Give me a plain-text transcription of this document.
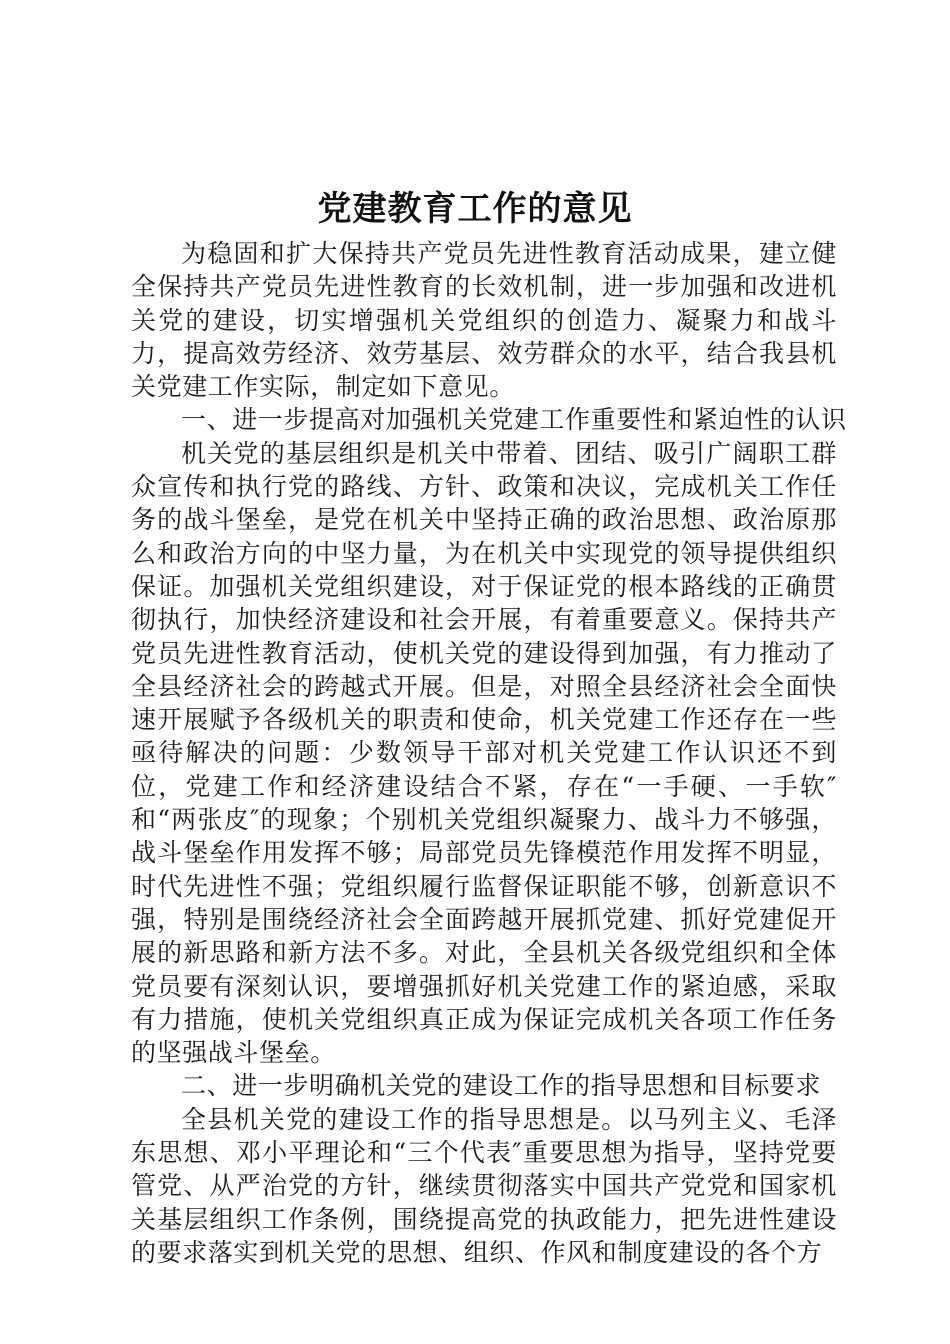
党建教育工作的意见

为稳固和扩大保持共产党员先进性教育活动成果，建立健全保持共产党员先进性教育的长效机制，进一步加强和改进机关党的建设，切实增强机关党组织的创造力、凝聚力和战斗力，提高效劳经济、效劳基层、效劳群众的水平，结合我县机关党建工作实际，制定如下意见。

一、进一步提高对加强机关党建工作重要性和紧迫性的认识

机关党的基层组织是机关中带着、团结、吸引广阔职工群众宣传和执行党的路线、方针、政策和决议，完成机关工作任务的战斗堡垒，是党在机关中坚持正确的政治思想、政治原那么和政治方向的中坚力量，为在机关中实现党的领导提供组织保证。加强机关党组织建设，对于保证党的根本路线的正确贯彻执行，加快经济建设和社会开展，有着重要意义。保持共产党员先进性教育活动，使机关党的建设得到加强，有力推动了全县经济社会的跨越式开展。但是，对照全县经济社会全面快速开展赋予各级机关的职责和使命，机关党建工作还存在一些亟待解决的问题：少数领导干部对机关党建工作认识还不到位，党建工作和经济建设结合不紧，存在“一手硬、一手软″和“两张皮″的现象；个别机关党组织凝聚力、战斗力不够强，战斗堡垒作用发挥不够；局部党员先锋模范作用发挥不明显，时代先进性不强；党组织履行监督保证职能不够，创新意识不强，特别是围绕经济社会全面跨越开展抓党建、抓好党建促开展的新思路和新方法不多。对此，全县机关各级党组织和全体党员要有深刻认识，要增强抓好机关党建工作的紧迫感，采取有力措施，使机关党组织真正成为保证完成机关各项工作任务的坚强战斗堡垒。

二、进一步明确机关党的建设工作的指导思想和目标要求

全县机关党的建设工作的指导思想是。以马列主义、毛泽东思想、邓小平理论和“三个代表″重要思想为指导，坚持党要管党、从严治党的方针，继续贯彻落实中国共产党党和国家机关基层组织工作条例，围绕提高党的执政能力，把先进性建设的要求落实到机关党的思想、组织、作风和制度建设的各个方
